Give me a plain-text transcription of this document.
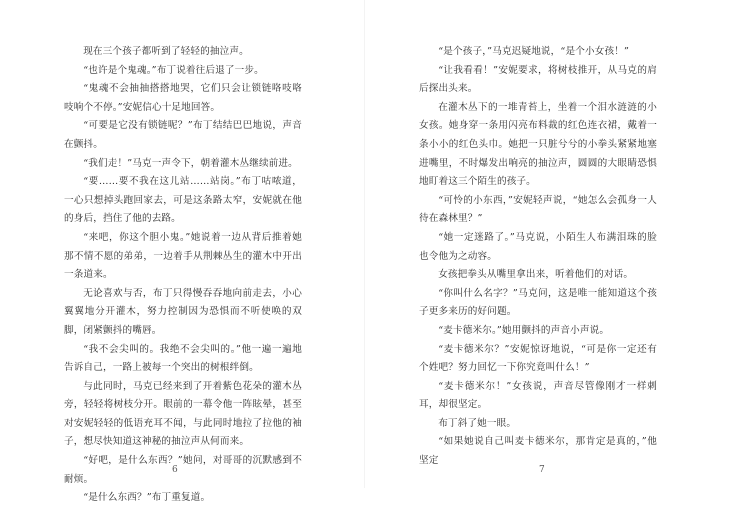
现在三个孩子都听到了轻轻的抽泣声。

“也许是个鬼魂。”布丁说着往后退了一步。

“鬼魂不会抽抽搭搭地哭，它们只会让锁链咯吱咯吱响个不停。”安妮信心十足地回答。

“可要是它没有锁链呢？”布丁结结巴巴地说，声音在颤抖。

“我们走！”马克一声令下，朝着灌木丛继续前进。

“要……要不我在这儿站……站岗。”布丁咕哝道，一心只想掉头跑回家去，可是这条路太窄，安妮就在他的身后，挡住了他的去路。

“来吧，你这个胆小鬼。”她说着一边从背后推着她那不情不愿的弟弟，一边着手从荆棘丛生的灌木中开出一条道来。

无论喜欢与否，布丁只得慢吞吞地向前走去，小心翼翼地分开灌木，努力控制因为恐惧而不听使唤的双脚，闭紧颤抖的嘴唇。

“我不会尖叫的。我绝不会尖叫的。”他一遍一遍地告诉自己，一路上被每一个突出的树根绊倒。

与此同时，马克已经来到了开着紫色花朵的灌木丛旁，轻轻将树枝分开。眼前的一幕令他一阵眩晕，甚至对安妮轻轻的低语充耳不闻，与此同时地拉了拉他的袖子，想尽快知道这神秘的抽泣声从何而来。

“好吧，是什么东西？”她问，对哥哥的沉默感到不耐烦。

“是什么东西？”布丁重复道。

6

“是个孩子，”马克迟疑地说，“是个小女孩！”

“让我看看！”安妮要求，将树枝推开，从马克的肩后探出头来。

在灌木丛下的一堆青苔上，坐着一个泪水涟涟的小女孩。她身穿一条用闪亮布料裁的红色连衣裙，戴着一条小小的红色头巾。她把一只脏兮兮的小拳头紧紧地塞进嘴里，不时爆发出响亮的抽泣声，圆圆的大眼睛恐惧地盯着这三个陌生的孩子。

“可怜的小东西，”安妮轻声说，“她怎么会孤身一人待在森林里？”

“她一定迷路了。”马克说，小陌生人布满泪珠的脸也令他为之动容。

女孩把拳头从嘴里拿出来，听着他们的对话。

“你叫什么名字？”马克问，这是唯一能知道这个孩子更多来历的好问题。

“麦卡德米尔。”她用颤抖的声音小声说。

“麦卡德米尔？”安妮惊讶地说，“可是你一定还有个姓吧？努力回忆一下你究竟叫什么！”

“麦卡德米尔！”女孩说，声音尽管像刚才一样刺耳，却很坚定。

布丁斜了她一眼。

“如果她说自己叫麦卡德米尔，那肯定是真的，”他坚定

7
